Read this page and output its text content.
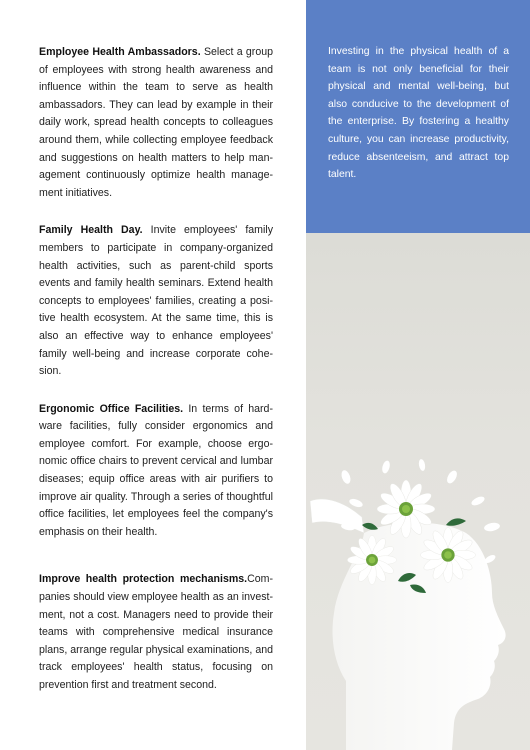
Employee Health Ambassadors. Select a group of employees with strong health awareness and influence within the team to serve as health ambassadors. They can lead by example in their daily work, spread health concepts to colleagues around them, while collecting employee feedback and suggestions on health matters to help management continuously optimize health management initiatives.

Family Health Day. Invite employees' family members to participate in company-organized health activities, such as parent-child sports events and family health seminars. Extend health concepts to employees' families, creating a positive health ecosystem. At the same time, this is also an effective way to enhance employees' family well-being and increase corporate cohesion.

Ergonomic Office Facilities. In terms of hardware facilities, fully consider ergonomics and employee comfort. For example, choose ergonomic office chairs to prevent cervical and lumbar diseases; equip office areas with air purifiers to improve air quality. Through a series of thoughtful office facilities, let employees feel the company's emphasis on their health.

Improve health protection mechanisms.Companies should view employee health as an investment, not a cost. Managers need to provide their teams with comprehensive medical insurance plans, arrange regular physical examinations, and track employees' health status, focusing on prevention first and treatment second.

Investing in the physical health of a team is not only beneficial for their physical and mental well-being, but also conducive to the development of the enterprise. By fostering a healthy culture, you can increase productivity, reduce absenteeism, and attract top talent.
